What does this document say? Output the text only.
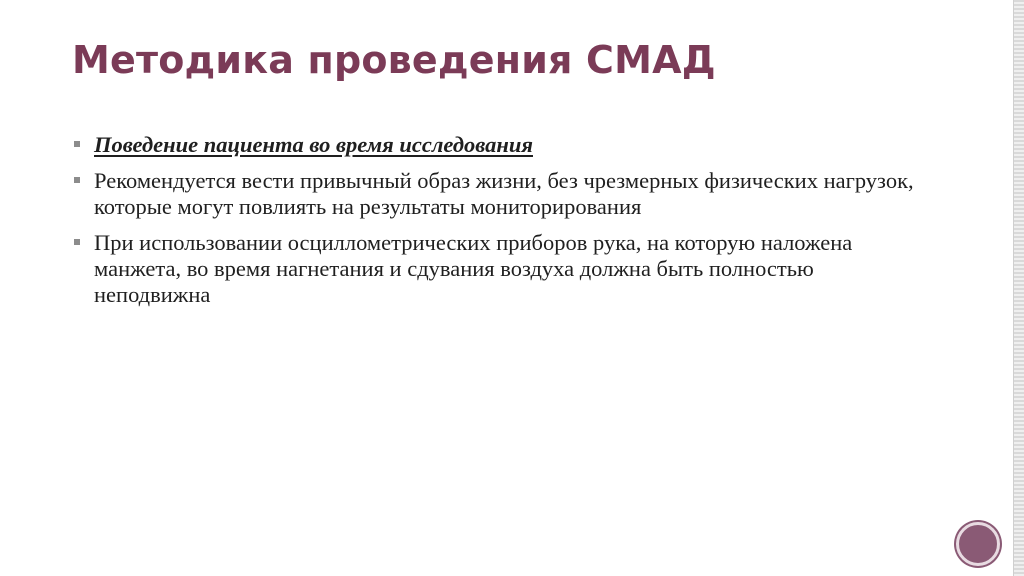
Методика проведения СМАД
Поведение пациента во время исследования
Рекомендуется вести привычный образ жизни, без чрезмерных физических нагрузок, которые могут повлиять на результаты мониторирования
При использовании осциллометрических приборов рука, на которую наложена манжета, во время нагнетания и сдувания воздуха должна быть полностью неподвижна
